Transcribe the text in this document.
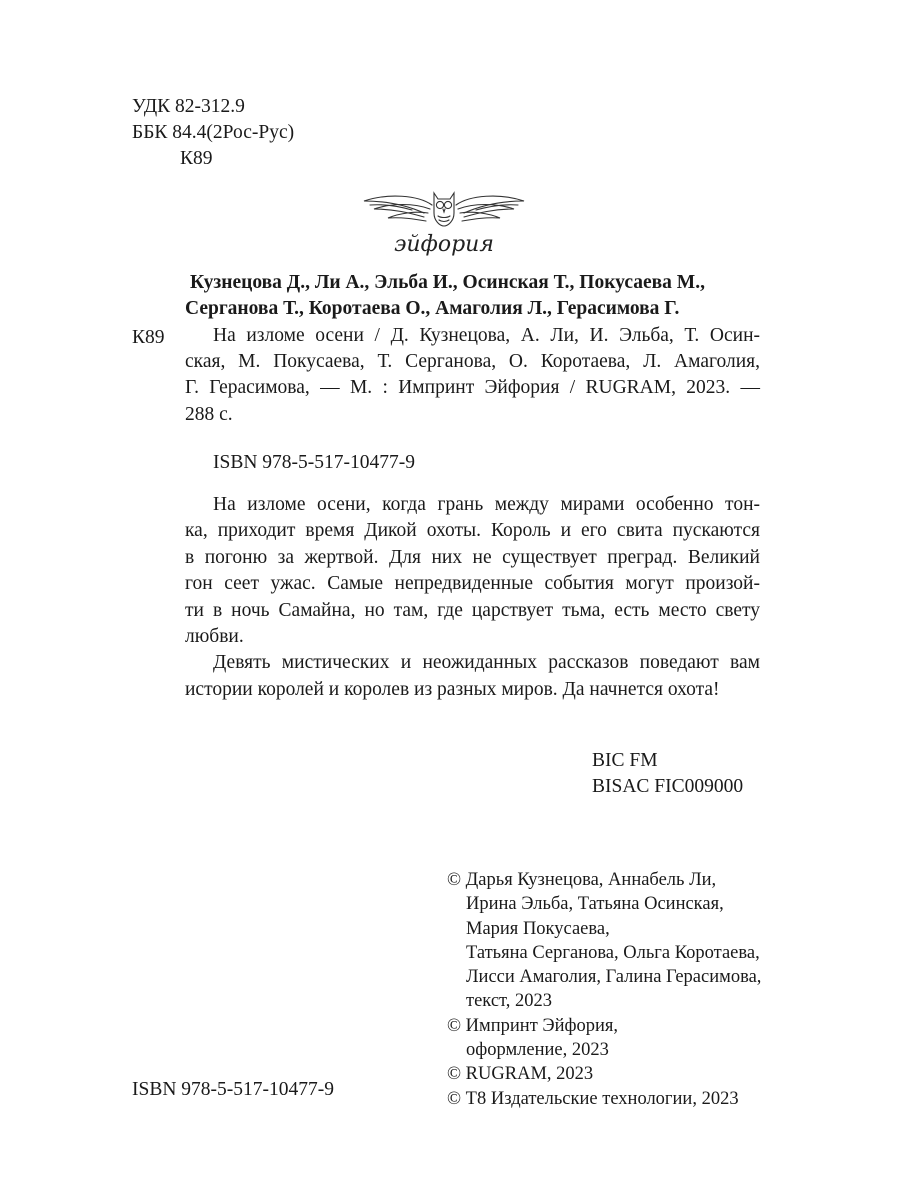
УДК 82-312.9
ББК 84.4(2Рос-Рус)
К89
эйфория
Кузнецова Д., Ли А., Эльба И., Осинская Т., Покусаева М.,
Серганова Т., Коротаева О., Амаголия Л., Герасимова Г.
К89	На изломе осени / Д. Кузнецова, А. Ли, И. Эльба, Т. Осин-
ская, М. Покусаева, Т. Серганова, О. Коротаева, Л. Амаголия,
Г. Герасимова, — М. : Импринт Эйфория / RUGRAM, 2023. —
288 с.
ISBN 978-5-517-10477-9
На изломе осени, когда грань между мирами особенно тон-
ка, приходит время Дикой охоты. Король и его свита пускаются
в погоню за жертвой. Для них не существует преград. Великий
гон сеет ужас. Самые непредвиденные события могут произой-
ти в ночь Самайна, но там, где царствует тьма, есть место свету
любви.
Девять мистических и неожиданных рассказов поведают вам
истории королей и королев из разных миров. Да начнется охота!
BIC FM
BISAC FIC009000
© Дарья Кузнецова, Аннабель Ли,
Ирина Эльба, Татьяна Осинская,
Мария Покусаева,
Татьяна Серганова, Ольга Коротаева,
Лисси Амаголия, Галина Герасимова,
текст, 2023
© Импринт Эйфория,
оформление, 2023
© RUGRAM, 2023
© Т8 Издательские технологии, 2023
ISBN 978-5-517-10477-9
